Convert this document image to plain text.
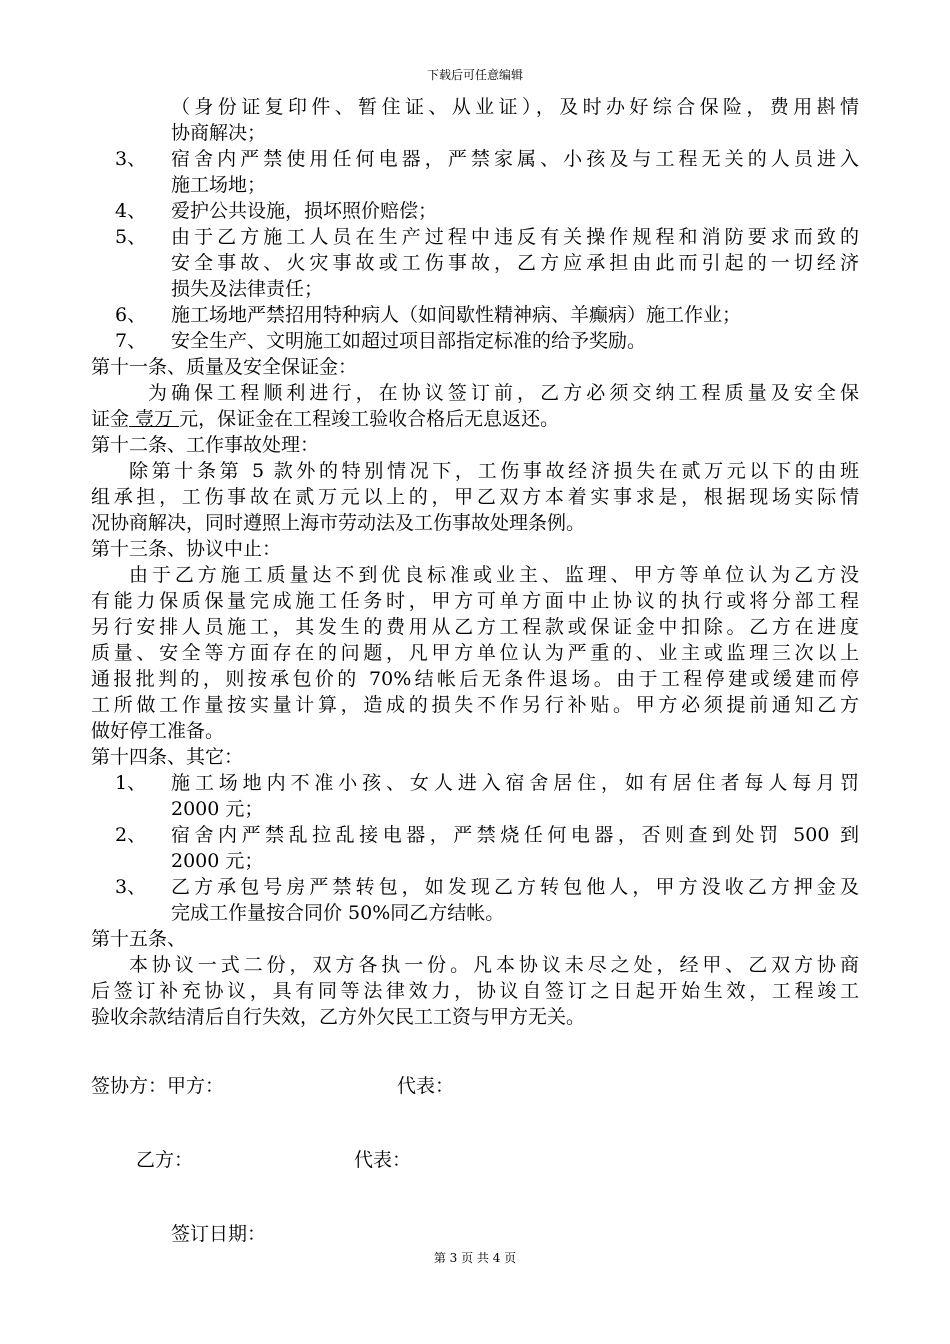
下载后可任意编辑
（身份证复印件、暂住证、从业证），及时办好综合保险，费用斟情
协商解决；
3、	宿舍内严禁使用任何电器，严禁家属、小孩及与工程无关的人员进入
施工场地；
4、	爱护公共设施，损坏照价赔偿；
5、	由于乙方施工人员在生产过程中违反有关操作规程和消防要求而致的
安全事故、火灾事故或工伤事故，乙方应承担由此而引起的一切经济
损失及法律责任；
6、	施工场地严禁招用特种病人（如间歇性精神病、羊癫病）施工作业；
7、	安全生产、文明施工如超过项目部指定标准的给予奖励。
第十一条、质量及安全保证金：
为确保工程顺利进行，在协议签订前，乙方必须交纳工程质量及安全保
证金 壹万 元，保证金在工程竣工验收合格后无息返还。
第十二条、工作事故处理：
除第十条第 5 款外的特别情况下，工伤事故经济损失在贰万元以下的由班
组承担，工伤事故在贰万元以上的，甲乙双方本着实事求是，根据现场实际情
况协商解决，同时遵照上海市劳动法及工伤事故处理条例。
第十三条、协议中止：
由于乙方施工质量达不到优良标准或业主、监理、甲方等单位认为乙方没
有能力保质保量完成施工任务时，甲方可单方面中止协议的执行或将分部工程
另行安排人员施工，其发生的费用从乙方工程款或保证金中扣除。乙方在进度
质量、安全等方面存在的问题，凡甲方单位认为严重的、业主或监理三次以上
通报批判的，则按承包价的 70%结帐后无条件退场。由于工程停建或缓建而停
工所做工作量按实量计算，造成的损失不作另行补贴。甲方必须提前通知乙方
做好停工准备。
第十四条、其它：
1、	施工场地内不准小孩、女人进入宿舍居住，如有居住者每人每月罚
2000 元；
2、	宿舍内严禁乱拉乱接电器，严禁烧任何电器，否则查到处罚 500 到
2000 元；
3、	乙方承包号房严禁转包，如发现乙方转包他人，甲方没收乙方押金及
完成工作量按合同价 50%同乙方结帐。
第十五条、
本协议一式二份，双方各执一份。凡本协议未尽之处，经甲、乙双方协商
后签订补充协议，具有同等法律效力，协议自签订之日起开始生效，工程竣工
验收余款结清后自行失效，乙方外欠民工工资与甲方无关。
签协方：甲方：	代表：
乙方：	代表：
签订日期：
第 3 页 共 4 页
